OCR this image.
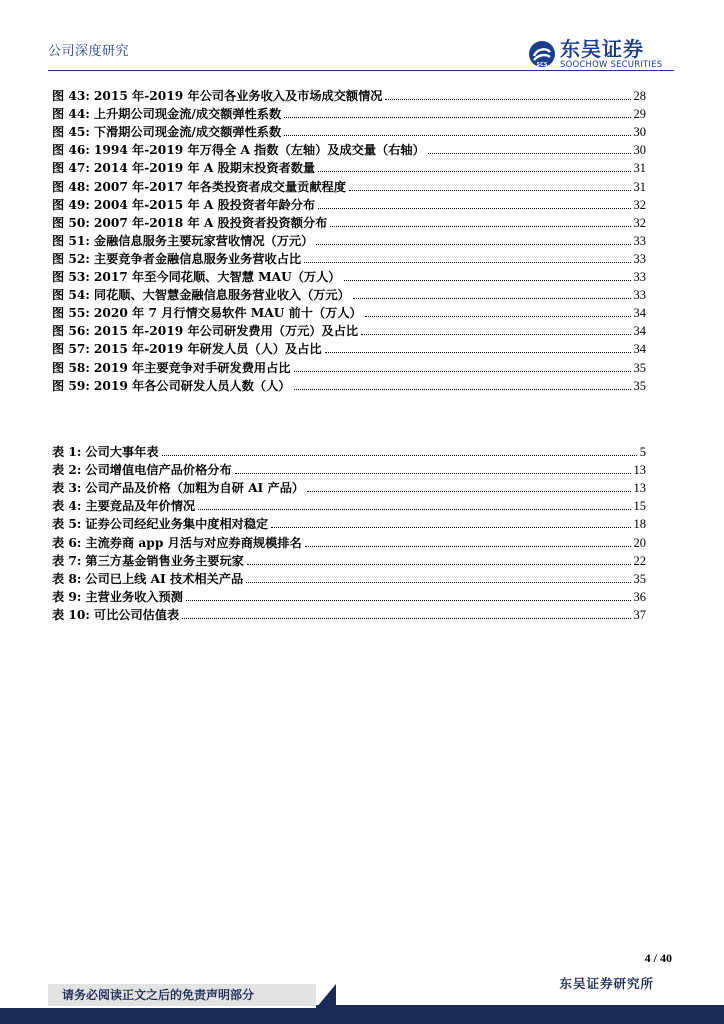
公司深度研究
SCS
东吴证券
SOOCHOW SECURITIES
图 43: 2015 年-2019 年公司各业务收入及市场成交额情况	28
图 44: 上升期公司现金流/成交额弹性系数	29
图 45: 下滑期公司现金流/成交额弹性系数	30
图 46: 1994 年-2019 年万得全 A 指数（左轴）及成交量（右轴）	30
图 47: 2014 年-2019 年 A 股期末投资者数量	31
图 48: 2007 年-2017 年各类投资者成交量贡献程度	31
图 49: 2004 年-2015 年 A 股投资者年龄分布	32
图 50: 2007 年-2018 年 A 股投资者投资额分布	32
图 51: 金融信息服务主要玩家营收情况（万元）	33
图 52: 主要竞争者金融信息服务业务营收占比	33
图 53: 2017 年至今同花顺、大智慧 MAU（万人）	33
图 54: 同花顺、大智慧金融信息服务营业收入（万元）	33
图 55: 2020 年 7 月行情交易软件 MAU 前十（万人）	34
图 56: 2015 年-2019 年公司研发费用（万元）及占比	34
图 57: 2015 年-2019 年研发人员（人）及占比	34
图 58: 2019 年主要竞争对手研发费用占比	35
图 59: 2019 年各公司研发人员人数（人）	35
表 1: 公司大事年表	5
表 2: 公司增值电信产品价格分布	13
表 3: 公司产品及价格（加粗为自研 AI 产品）	13
表 4: 主要竞品及年价情况	15
表 5: 证券公司经纪业务集中度相对稳定	18
表 6: 主流券商 app 月活与对应券商规模排名	20
表 7: 第三方基金销售业务主要玩家	22
表 8: 公司已上线 AI 技术相关产品	35
表 9: 主营业务收入预测	36
表 10: 可比公司估值表	37
4 / 40
请务必阅读正文之后的免责声明部分
东吴证券研究所
